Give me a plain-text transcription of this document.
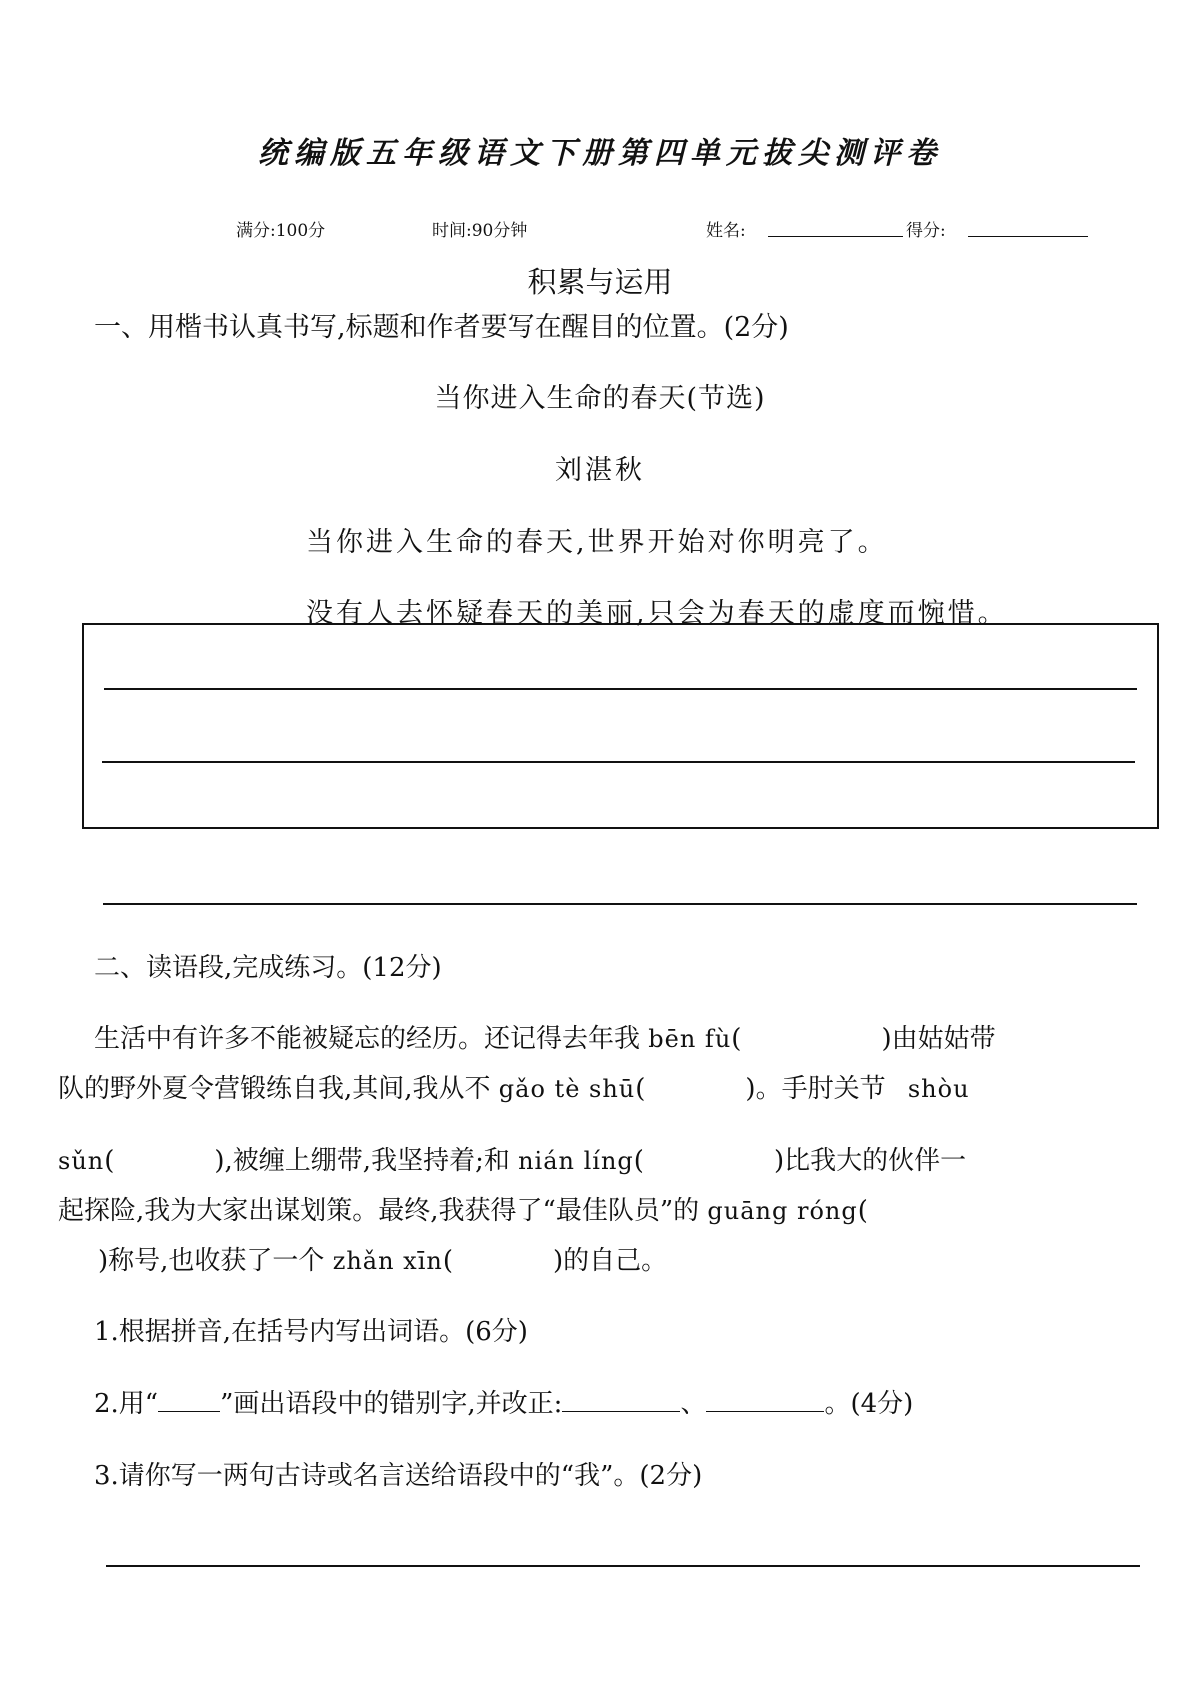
统编版五年级语文下册第四单元拔尖测评卷
满分:100分	时间:90分钟	姓名:	得分:
积累与运用
一、用楷书认真书写,标题和作者要写在醒目的位置。(2分)
当你进入生命的春天(节选)
刘湛秋
当你进入生命的春天,世界开始对你明亮了。
没有人去怀疑春天的美丽,只会为春天的虚度而惋惜。
二、读语段,完成练习。(12分)
生活中有许多不能被疑忘的经历。还记得去年我 bēn fù(	)由姑姑带
队的野外夏令营锻练自我,其间,我从不 gǎo tè shū(	)。手肘关节 shòu
sǔn(	),被缠上绷带,我坚持着;和 nián líng(	)比我大的伙伴一
起探险,我为大家出谋划策。最终,我获得了“最佳队员”的 guāng róng(
)称号,也收获了一个 zhǎn xīn(	)的自己。
1.根据拼音,在括号内写出词语。(6分)
2.用“ ”画出语段中的错别字,并改正:	、	。(4分)
3.请你写一两句古诗或名言送给语段中的“我”。(2分)
